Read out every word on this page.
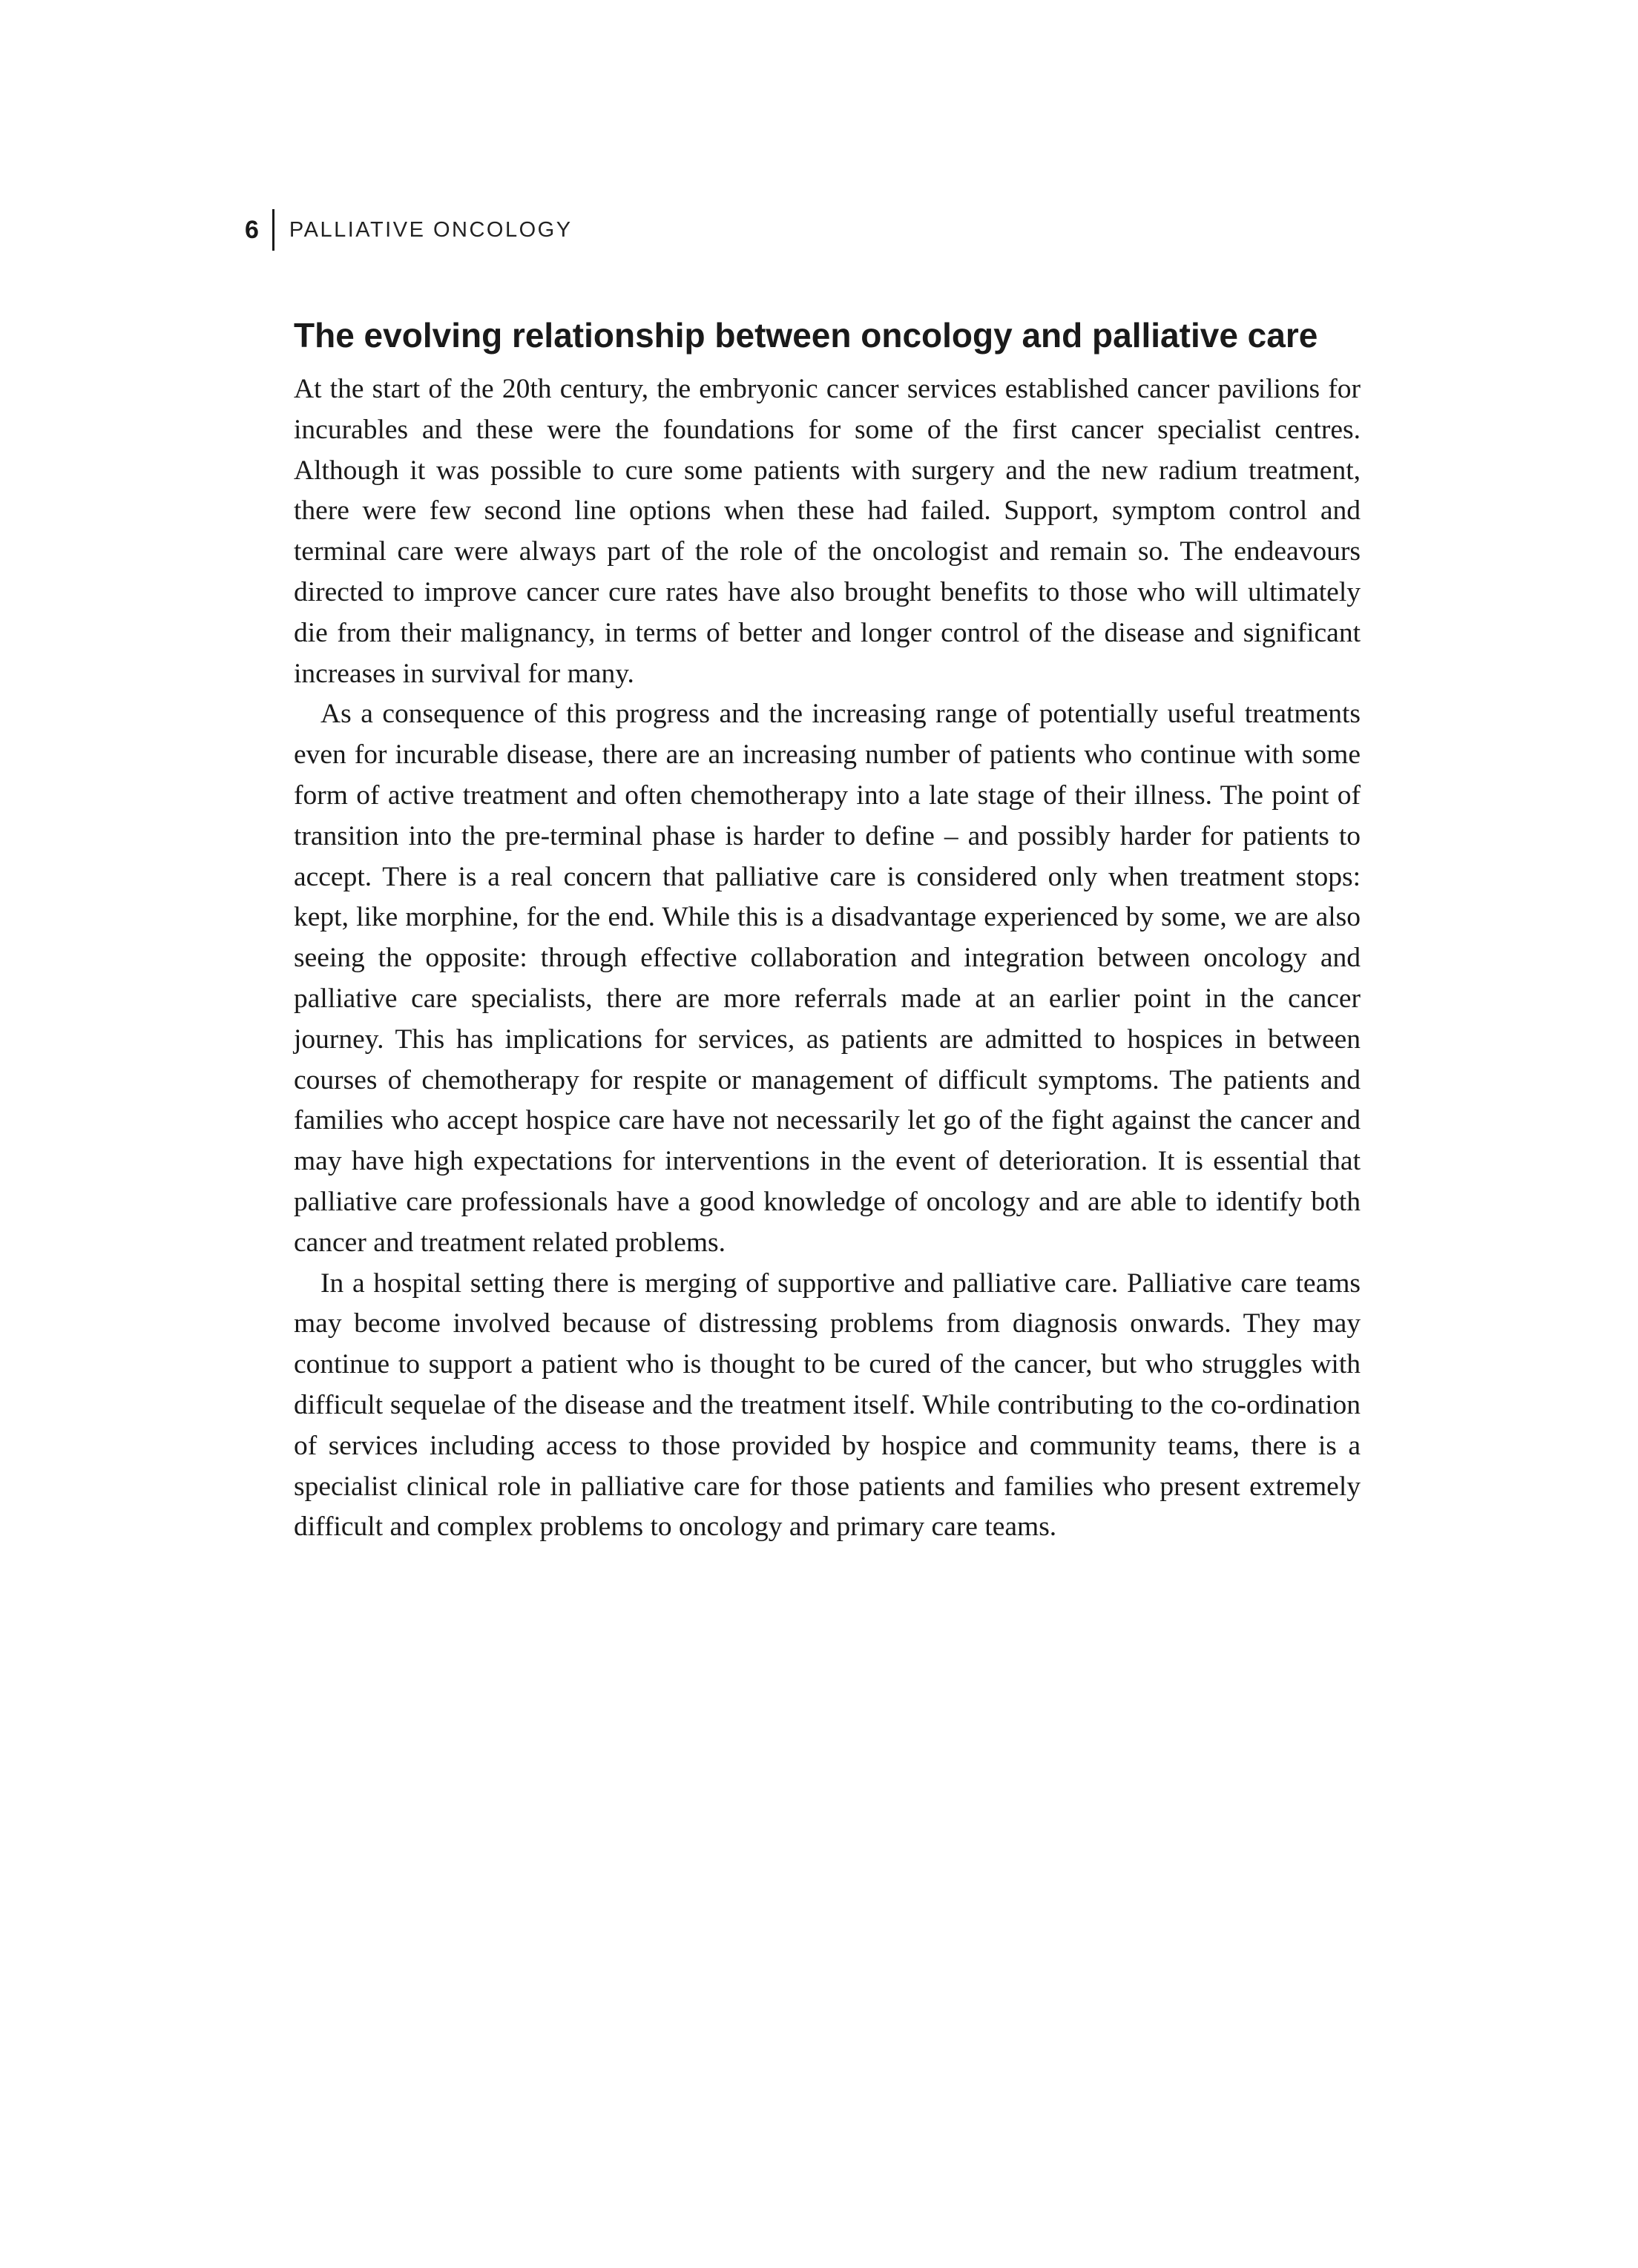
6	PALLIATIVE ONCOLOGY
The evolving relationship between oncology and palliative care

At the start of the 20th century, the embryonic cancer services established cancer pavilions for incurables and these were the foundations for some of the first cancer specialist centres. Although it was possible to cure some patients with surgery and the new radium treatment, there were few second line options when these had failed. Support, symptom control and terminal care were always part of the role of the oncologist and remain so. The endeavours directed to improve cancer cure rates have also brought benefits to those who will ultimately die from their malignancy, in terms of better and longer control of the disease and significant increases in survival for many.

As a consequence of this progress and the increasing range of potentially useful treatments even for incurable disease, there are an increasing number of patients who continue with some form of active treatment and often chemotherapy into a late stage of their illness. The point of transition into the pre-terminal phase is harder to define – and possibly harder for patients to accept. There is a real concern that palliative care is considered only when treatment stops: kept, like morphine, for the end. While this is a disadvantage experienced by some, we are also seeing the opposite: through effective collaboration and integration between oncology and palliative care specialists, there are more referrals made at an earlier point in the cancer journey. This has implications for services, as patients are admitted to hospices in between courses of chemotherapy for respite or management of difficult symptoms. The patients and families who accept hospice care have not necessarily let go of the fight against the cancer and may have high expectations for interventions in the event of deterioration. It is essential that palliative care professionals have a good knowledge of oncology and are able to identify both cancer and treatment related problems.

In a hospital setting there is merging of supportive and palliative care. Palliative care teams may become involved because of distressing problems from diagnosis onwards. They may continue to support a patient who is thought to be cured of the cancer, but who struggles with difficult sequelae of the disease and the treatment itself. While contributing to the co-ordination of services including access to those provided by hospice and community teams, there is a specialist clinical role in palliative care for those patients and families who present extremely difficult and complex problems to oncology and primary care teams.
